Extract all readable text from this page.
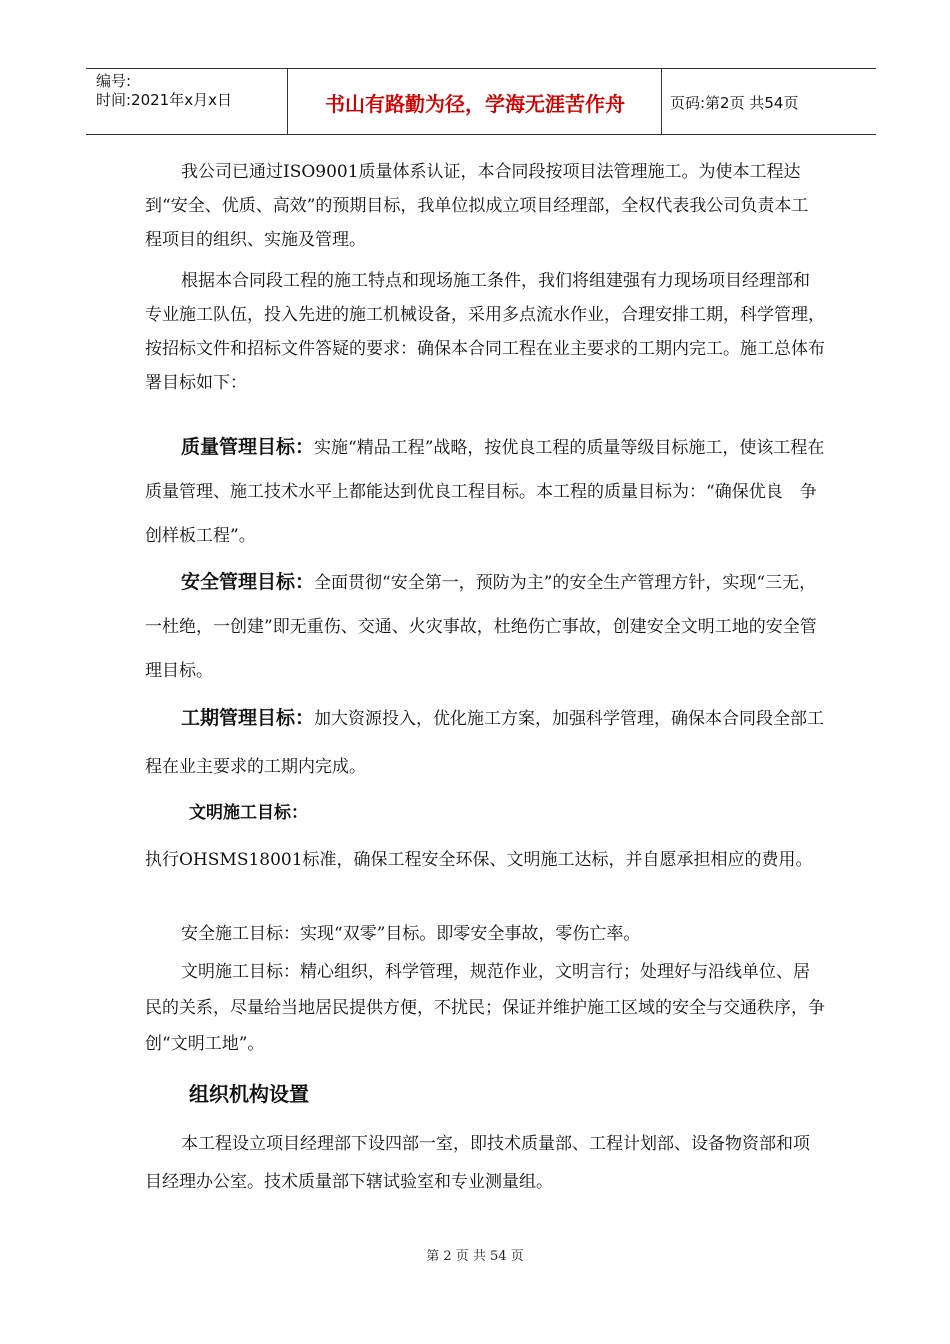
编号:
时间:2021年x月x日	书山有路勤为径，学海无涯苦作舟	页码:第2页 共54页

我公司已通过ISO9001质量体系认证，本合同段按项目法管理施工。为使本工程达到“安全、优质、高效”的预期目标，我单位拟成立项目经理部，全权代表我公司负责本工程项目的组织、实施及管理。

根据本合同段工程的施工特点和现场施工条件，我们将组建强有力现场项目经理部和专业施工队伍，投入先进的施工机械设备，采用多点流水作业，合理安排工期，科学管理，按招标文件和招标文件答疑的要求：确保本合同工程在业主要求的工期内完工。施工总体布署目标如下：

质量管理目标：实施“精品工程”战略，按优良工程的质量等级目标施工，使该工程在质量管理、施工技术水平上都能达到优良工程目标。本工程的质量目标为：“确保优良　争创样板工程”。

安全管理目标：全面贯彻“安全第一，预防为主”的安全生产管理方针，实现“三无，一杜绝，一创建”即无重伤、交通、火灾事故，杜绝伤亡事故，创建安全文明工地的安全管理目标。

工期管理目标：加大资源投入，优化施工方案，加强科学管理，确保本合同段全部工程在业主要求的工期内完成。

文明施工目标：

执行OHSMS18001标准，确保工程安全环保、文明施工达标，并自愿承担相应的费用。

安全施工目标：实现“双零”目标。即零安全事故，零伤亡率。

文明施工目标：精心组织，科学管理，规范作业，文明言行；处理好与沿线单位、居民的关系，尽量给当地居民提供方便，不扰民；保证并维护施工区域的安全与交通秩序，争创“文明工地”。

组织机构设置

本工程设立项目经理部下设四部一室，即技术质量部、工程计划部、设备物资部和项目经理办公室。技术质量部下辖试验室和专业测量组。

第 2 页 共 54 页
